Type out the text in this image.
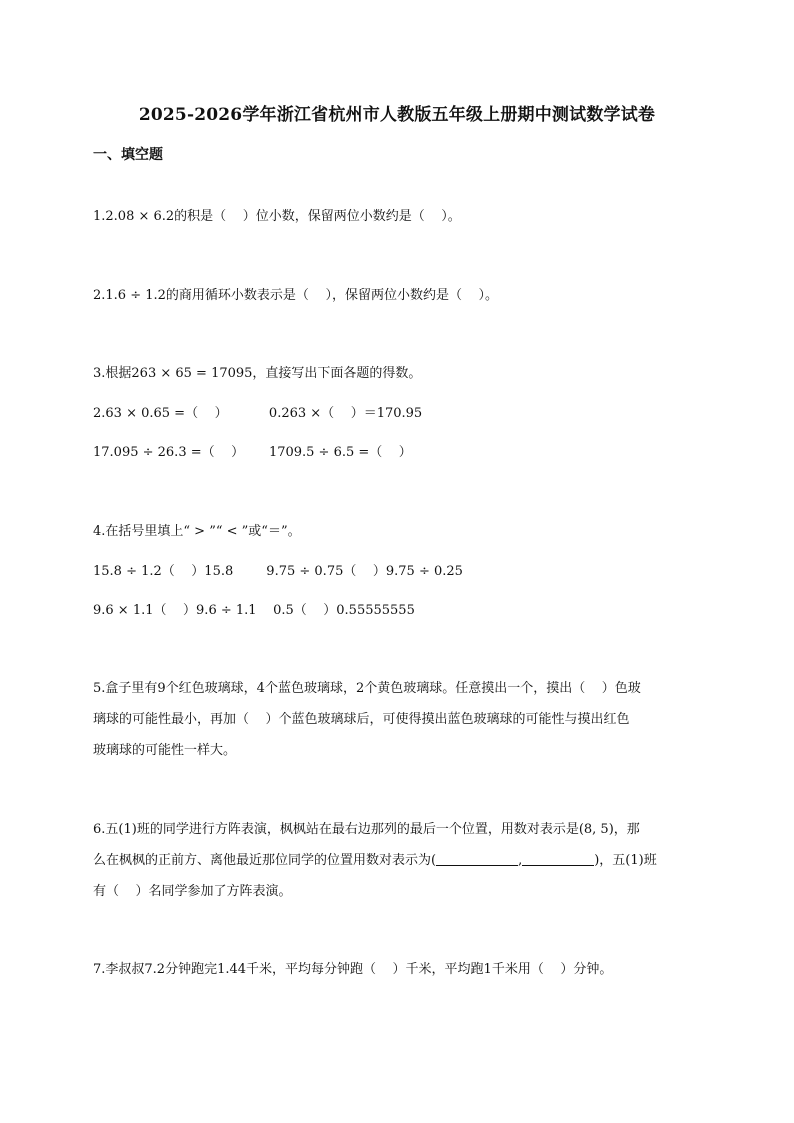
2025-2026学年浙江省杭州市人教版五年级上册期中测试数学试卷
一、填空题
1.2.08 × 6.2的积是（    ）位小数，保留两位小数约是（    ）。
2.1.6 ÷ 1.2的商用循环小数表示是（    ），保留两位小数约是（    ）。
3.根据263 × 65 = 17095，直接写出下面各题的得数。
2.63 × 0.65 =（    ）          0.263 ×（    ）＝170.95
17.095 ÷ 26.3 =（    ）      1709.5 ÷ 6.5 =（    ）
4.在括号里填上“ > ”“ < ”或“＝”。
15.8 ÷ 1.2（    ）15.8        9.75 ÷ 0.75（    ）9.75 ÷ 0.25
9.6 × 1.1（    ）9.6 ÷ 1.1    0.5（    ）0.55555555
5.盒子里有9个红色玻璃球，4个蓝色玻璃球，2个黄色玻璃球。任意摸出一个，摸出（    ）色玻
璃球的可能性最小，再加（    ）个蓝色玻璃球后，可使得摸出蓝色玻璃球的可能性与摸出红色
玻璃球的可能性一样大。
6.五(1)班的同学进行方阵表演，枫枫站在最右边那列的最后一个位置，用数对表示是(8, 5)，那
么在枫枫的正前方、离他最近那位同学的位置用数对表示为(	,	)，五(1)班
有（    ）名同学参加了方阵表演。
7.李叔叔7.2分钟跑完1.44千米，平均每分钟跑（    ）千米，平均跑1千米用（    ）分钟。
